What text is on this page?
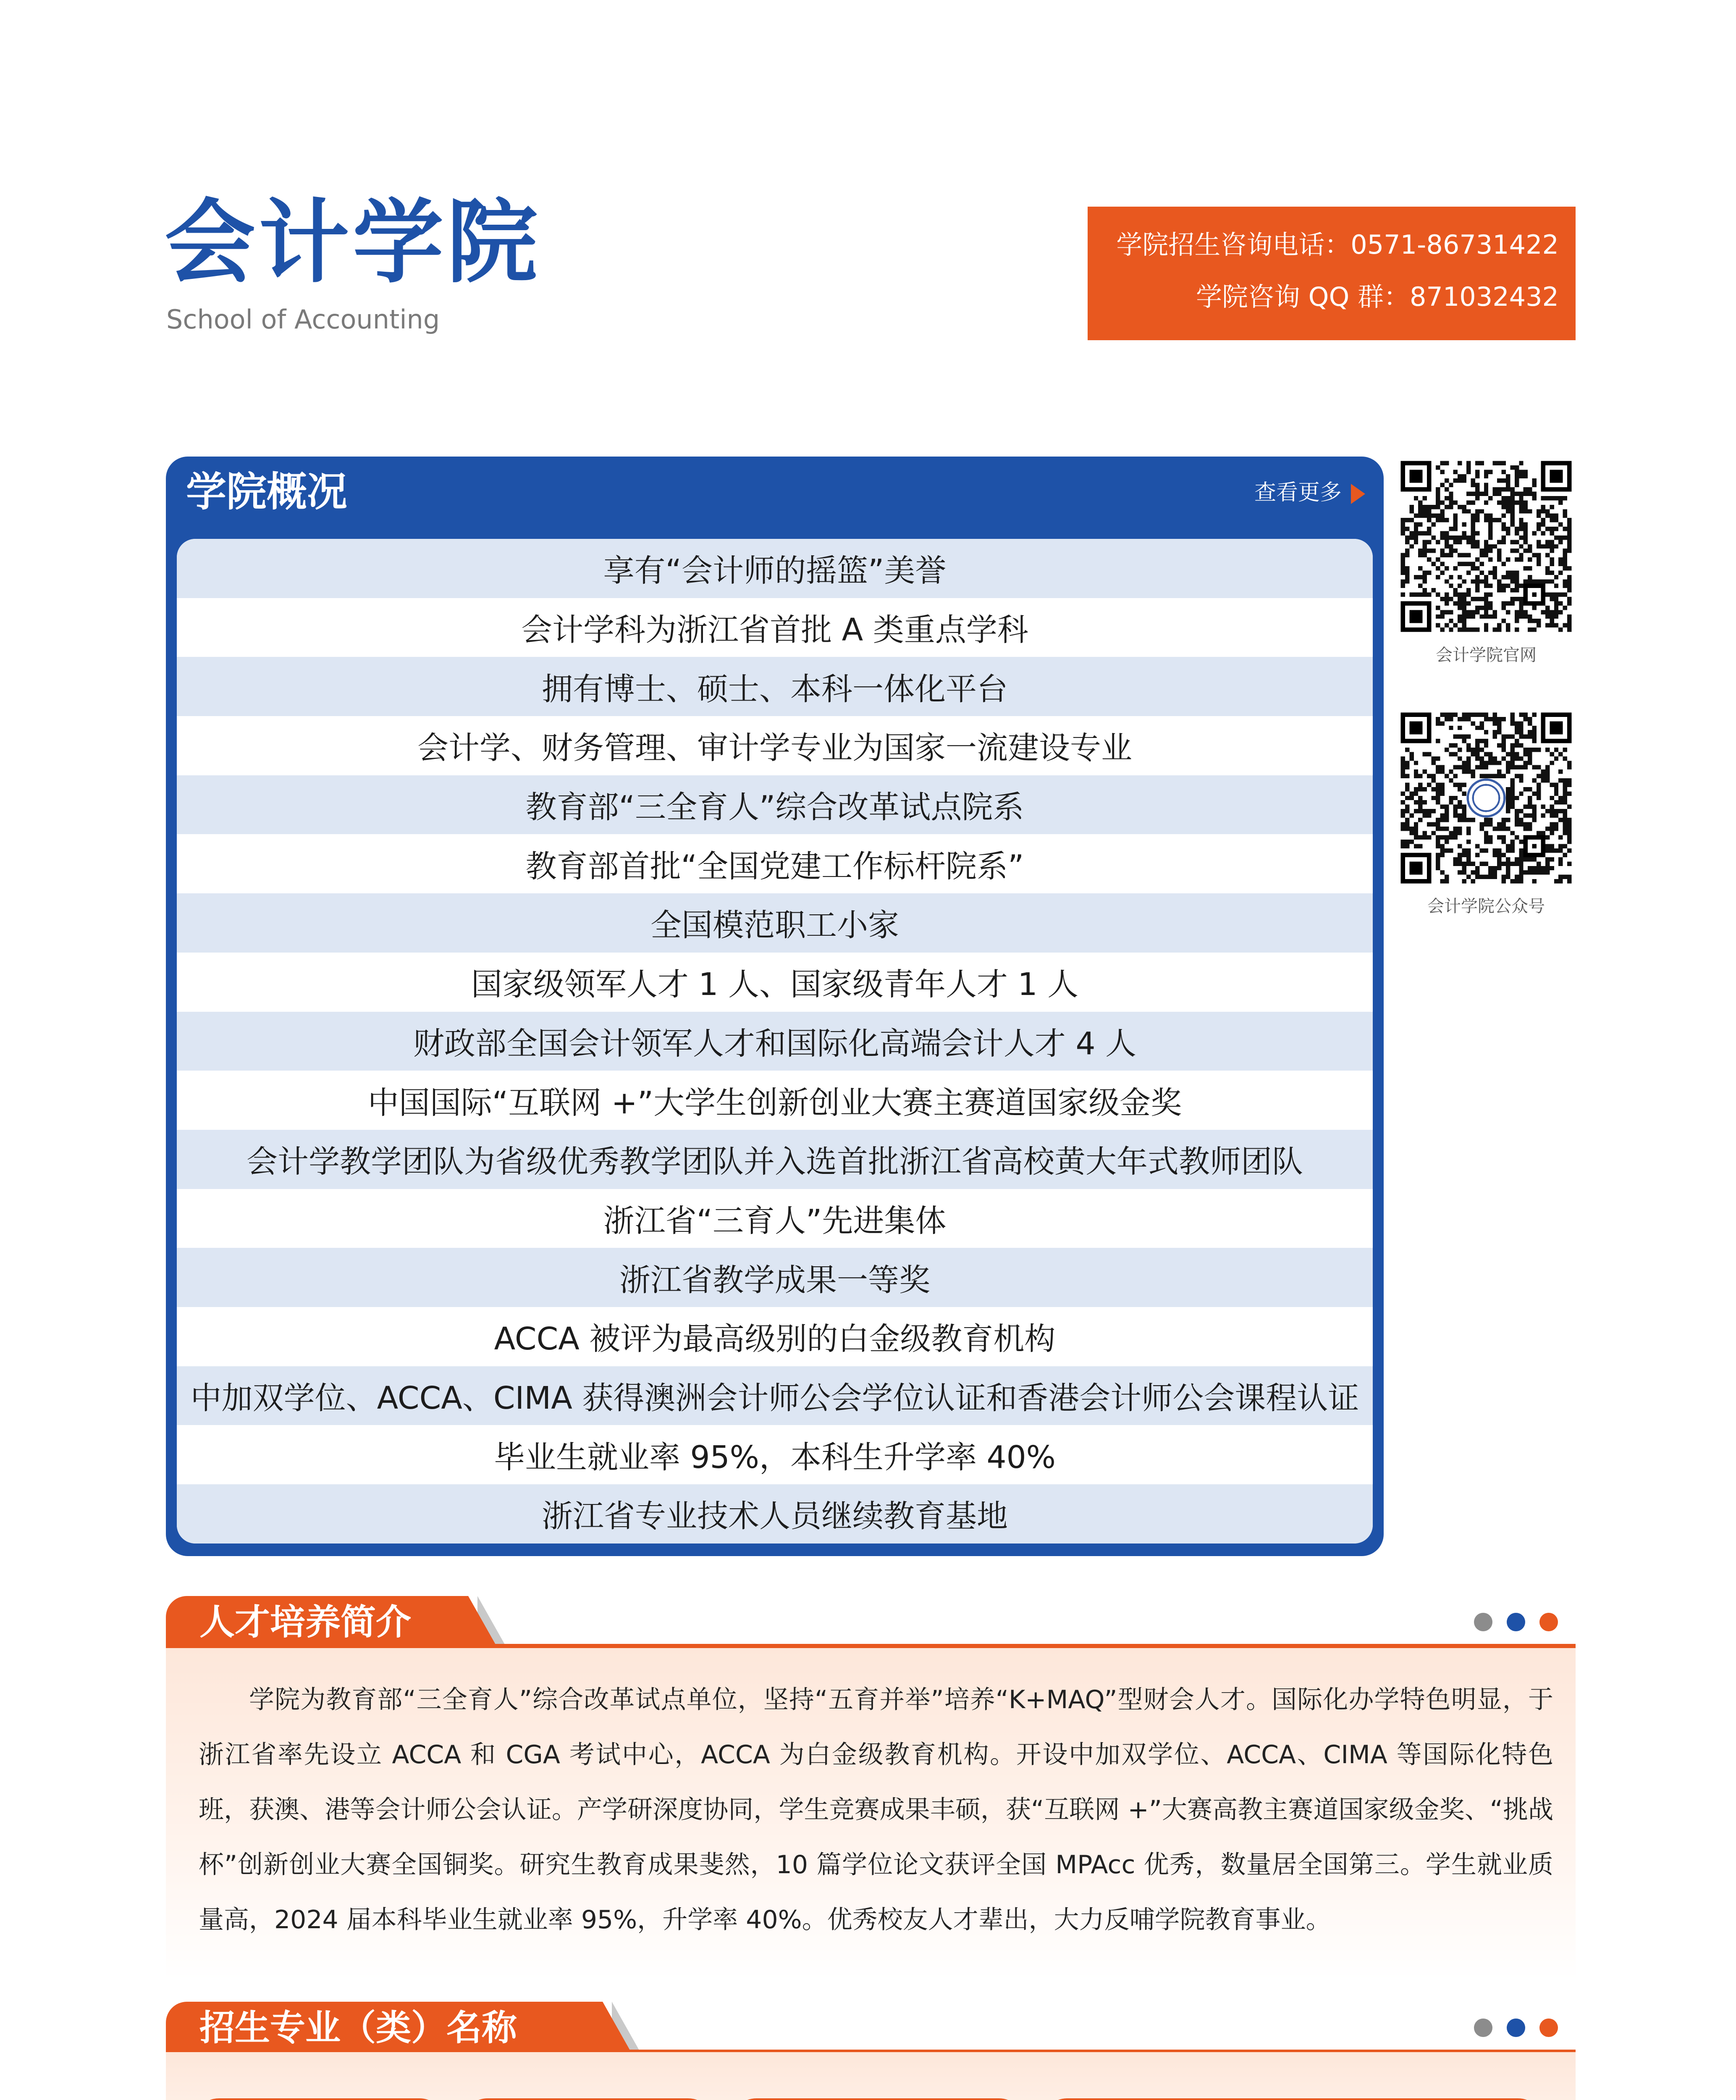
会计学院
School of Accounting
学院招生咨询电话：0571-86731422
学院咨询 QQ 群：871032432
学院概况	查看更多
享有“会计师的摇篮”美誉
会计学科为浙江省首批 A 类重点学科
拥有博士、硕士、本科一体化平台
会计学、财务管理、审计学专业为国家一流建设专业
教育部“三全育人”综合改革试点院系
教育部首批“全国党建工作标杆院系”
全国模范职工小家
国家级领军人才 1 人、国家级青年人才 1 人
财政部全国会计领军人才和国际化高端会计人才 4 人
中国国际“互联网 +”大学生创新创业大赛主赛道国家级金奖
会计学教学团队为省级优秀教学团队并入选首批浙江省高校黄大年式教师团队
浙江省“三育人”先进集体
浙江省教学成果一等奖
ACCA 被评为最高级别的白金级教育机构
中加双学位、ACCA、CIMA 获得澳洲会计师公会学位认证和香港会计师公会课程认证
毕业生就业率 95%，本科生升学率 40%
浙江省专业技术人员继续教育基地
会计学院官网
会计学院公众号
人才培养简介
学院为教育部“三全育人”综合改革试点单位，坚持“五育并举”培养“K+MAQ”型财会人才。国际化办学特色明显，于浙江省率先设立 ACCA 和 CGA 考试中心，ACCA 为白金级教育机构。开设中加双学位、ACCA、CIMA 等国际化特色班，获澳、港等会计师公会认证。产学研深度协同，学生竞赛成果丰硕，获“互联网 +”大赛高教主赛道国家级金奖、“挑战杯”创新创业大赛全国铜奖。研究生教育成果斐然，10 篇学位论文获评全国 MPAcc 优秀，数量居全国第三。学生就业质量高，2024 届本科毕业生就业率 95%，升学率 40%。优秀校友人才辈出，大力反哺学院教育事业。
招生专业（类）名称
